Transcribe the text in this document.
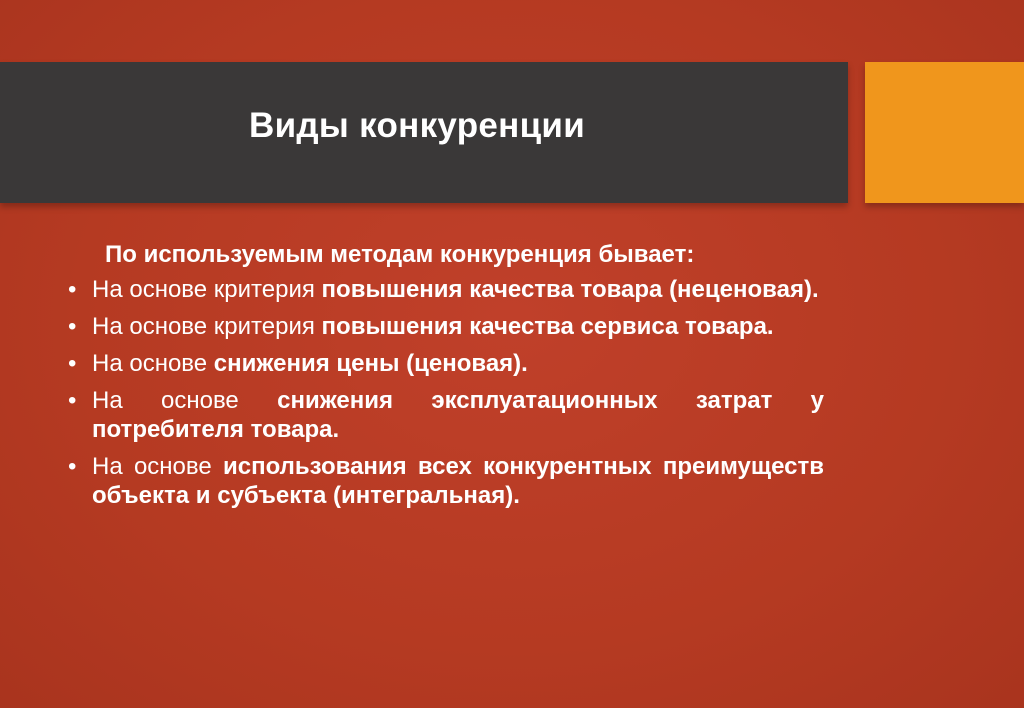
Виды конкуренции

По используемым методам конкуренция бывает:

• На основе критерия повышения качества товара (неценовая).
• На основе критерия повышения качества сервиса товара.
• На основе снижения цены (ценовая).
• На основе снижения эксплуатационных затрат у потребителя товара.
• На основе использования всех конкурентных преимуществ объекта и субъекта (интегральная).
